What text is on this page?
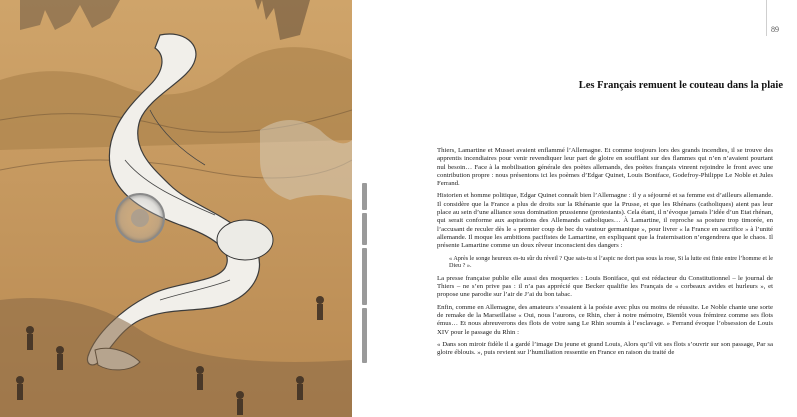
89
Les Français remuent le couteau dans la plaie

Thiers, Lamartine et Musset avaient enflammé l’Allemagne. Et comme toujours lors des grands incendies, il se trouve des apprentis incendiaires pour venir revendiquer leur part de gloire en soufflant sur des flammes qui n’en n’avaient pourtant nul besoin… Face à la mobilisation générale des poètes allemands, des poètes français vinrent rejoindre le front avec une contribution propre : nous présentons ici les poèmes d’Edgar Quinet, Louis Boniface, Godefroy-Philippe Le Noble et Jules Ferrand.

Historien et homme politique, Edgar Quinet connaît bien l’Allemagne : il y a séjourné et sa femme est d’ailleurs allemande. Il considère que la France a plus de droits sur la Rhénanie que la Prusse, et que les Rhénans (catholiques) aient pas leur place au sein d’une alliance sous domination prussienne (protestants). Cela étant, il n’évoque jamais l’idée d’un Etat rhénan, qui serait conforme aux aspirations des Allemands catholiques… À Lamartine, il reproche sa posture trop timorée, en l’accusant de reculer dès le « premier coup de bec du vautour germanique », pour livrer « la France en sacrifice » à l’unité allemande. Il moque les ambitions pacifistes de Lamartine, en expliquant que la fraternisation n’engendrera que le chaos. Il présente Lamartine comme un doux rêveur inconscient des dangers :

« Après le songe heureux es-tu sûr du réveil ? Que sais-tu si l’aspic ne dort pas sous la rose, Si la lutte est finie entre l’homme et le Dieu ? ».

La presse française publie elle aussi des moqueries : Louis Boniface, qui est rédacteur du Constitutionnel – le journal de Thiers – ne s’en prive pas : il n’a pas apprécié que Becker qualifie les Français de « corbeaux avides et hurleurs », et propose une parodie sur l’air de J’ai du bon tabac.

Enfin, comme en Allemagne, des amateurs s’essaient à la poésie avec plus ou moins de réussite. Le Noble chante une sorte de remake de la Marseillaise « Oui, nous l’aurons, ce Rhin, cher à notre mémoire, Bientôt vous frémirez comme ses flots émus… Et nous abreuverons des flots de votre sang Le Rhin soumis à l’esclavage. » Ferrand évoque l’obsession de Louis XIV pour le passage du Rhin :

« Dans son miroir fidèle il a gardé l’image Du jeune et grand Louis, Alors qu’il vit ses flots s’ouvrir sur son passage, Par sa gloire éblouis. », puis revient sur l’humiliation ressentie en France en raison du traité de
